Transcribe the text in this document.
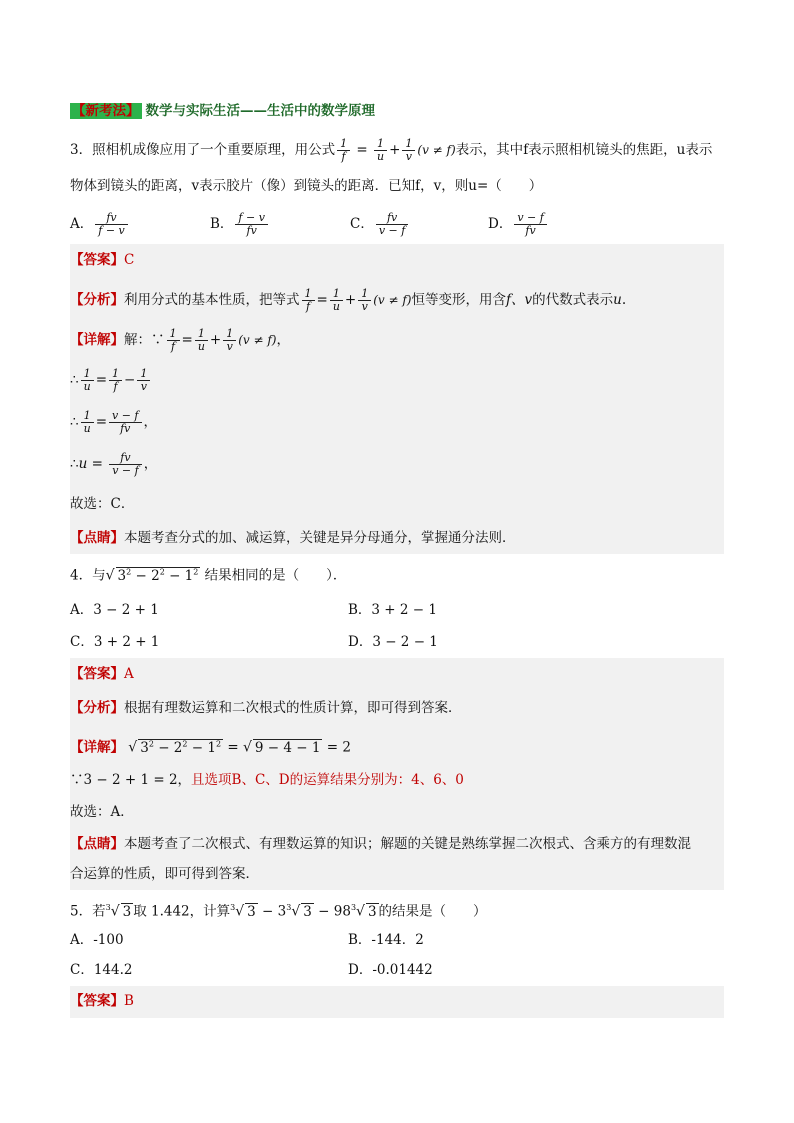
【新考法】 数学与实际生活——生活中的数学原理
3．照相机成像应用了一个重要原理，用公式 $\frac{1}{f} = \frac{1}{u} + \frac{1}{v} (v \ne f)$表示，其中f表示照相机镜头的焦距，u表示
物体到镜头的距离，v表示胶片（像）到镜头的距离．已知f，v，则u=（　　）
A． $\frac{fv}{f - v}$	B． $\frac{f - v}{fv}$	C． $\frac{fv}{v - f}$	D． $\frac{v - f}{fv}$
【答案】C
【分析】利用分式的基本性质，把等式 $\frac{1}{f} = \frac{1}{u} + \frac{1}{v} (v \ne f)$恒等变形，用含f、v的代数式表示u.
【详解】解：∵ $\frac{1}{f} = \frac{1}{u} + \frac{1}{v} (v \ne f)$，
∴ $\frac{1}{u} = \frac{1}{f} - \frac{1}{v}$
∴ $\frac{1}{u} = \frac{v - f}{fv}$ ，
∴u = $\frac{fv}{v - f}$ ，
故选：C．
【点睛】本题考查分式的加、减运算，关键是异分母通分，掌握通分法则．
4．与√ $3^2 - 2^2 - 1^2$ 结果相同的是（　　）．
A．3 − 2 + 1	B．3 + 2 − 1
C．3 + 2 + 1	D．3 − 2 − 1
【答案】A
【分析】根据有理数运算和二次根式的性质计算，即可得到答案．
【详解】 √ $3^2 - 2^2 - 1^2$ = √ 9 − 4 − 1 = 2
∵3 − 2 + 1 = 2，且选项B、C、D的运算结果分别为：4、6、0
故选：A．
【点睛】本题考查了二次根式、有理数运算的知识；解题的关键是熟练掌握二次根式、含乘方的有理数混
合运算的性质，即可得到答案．
5．若$^3$√ 3 取 1.442，计算$^3$√ $3 - 3^3√$ $3 - 98^3√$ 3 的结果是（　　）
A．-100	B．-144．2
C．144.2	D．-0.01442
【答案】B
